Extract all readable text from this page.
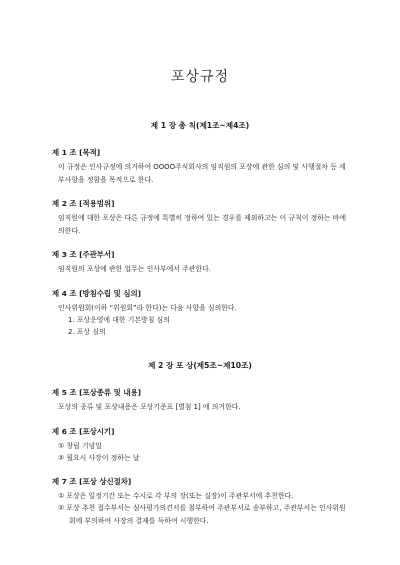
포상규정
제 1 장 총 칙(제1조~제4조)
제 1 조 [목적]
이 규정은 인사규정에 의거하여 OOOO주식회사의 임직원의 포상에 관한 심의 및 사행절차 등 세부사항을 정함을 목적으로 한다.
제 2 조 [적용범위]
임직원에 대한 포상은 다른 규정에 특별히 정하여 있는 경우를 제외하고는 이 규칙이 정하는 바에 의한다.
제 3 조 [주관부서]
임직원의 포상에 관한 업무는 인사부에서 주관한다.
제 4 조 [방침수립 및 심의]
인사위원회(이하 “위원회”라 한다)는 다음 사항을 심의한다.
1. 포상운영에 대한 기본방침 심의
2. 포상 심의
제 2 장 포 상(제5조~제10조)
제 5 조 [포상종류 및 내용]
포상의 종류 및 포상내용은 포상기준표 [별첨 1] 에 의거한다.
제 6 조 [포상시기]
① 창립 기념일
② 필요시 사장이 정하는 날
제 7 조 [포상 상신절차]
① 포상은 일정기간 또는 수시로 각 부의 장(또는 실장)이 주관부서에 추천한다.
② 포상 추천 접수부서는 심사평가의견서를 첨부하여 주관부서로 송부하고, 주관부서는 인사위원회에 부의하여 사장의 결재를 득하여 시행한다.
